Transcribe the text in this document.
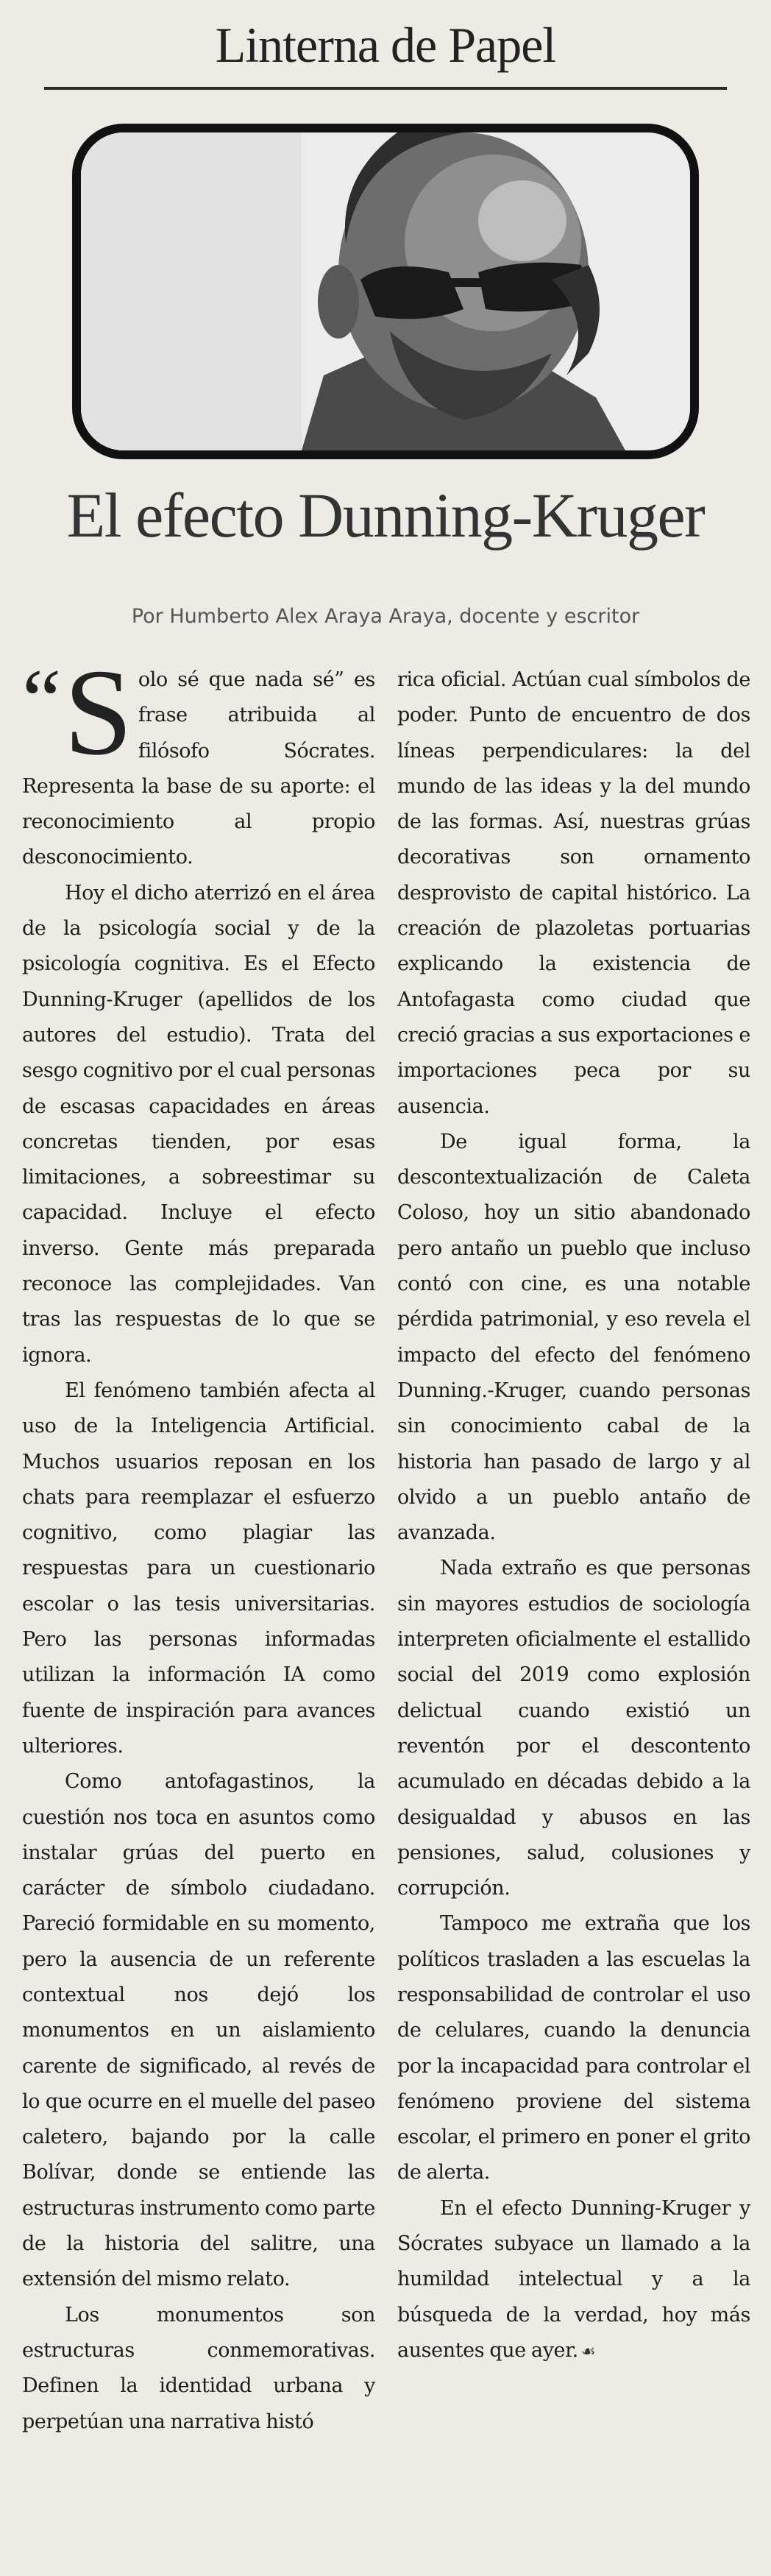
Linterna de Papel
El efecto Dunning-Kruger
Por Humberto Alex Araya Araya, docente y escritor

“ S olo sé que nada sé” es frase atribuida al filósofo Sócrates. Representa la base de su aporte: el reconocimiento al propio desconocimiento.

Hoy el dicho aterrizó en el área de la psicología social y de la psicología cognitiva. Es el Efecto Dunning-Kruger (apellidos de los autores del estudio). Trata del sesgo cognitivo por el cual personas de escasas capacidades en áreas concretas tienden, por esas limitaciones, a sobreestimar su capacidad. Incluye el efecto inverso. Gente más preparada reconoce las complejidades. Van tras las respuestas de lo que se ignora.

El fenómeno también afecta al uso de la Inteligencia Artificial. Muchos usuarios reposan en los chats para reemplazar el esfuerzo cognitivo, como plagiar las respuestas para un cuestionario escolar o las tesis universitarias. Pero las personas informadas utilizan la información IA como fuente de inspiración para avances ulteriores.

Como antofagastinos, la cuestión nos toca en asuntos como instalar grúas del puerto en carácter de símbolo ciudadano. Pareció formidable en su momento, pero la ausencia de un referente contextual nos dejó los monumentos en un aislamiento carente de significado, al revés de lo que ocurre en el muelle del paseo caletero, bajando por la calle Bolívar, donde se entiende las estructuras instrumento como parte de la historia del salitre, una extensión del mismo relato.

Los monumentos son estructuras conmemorativas. Definen la identidad urbana y perpetúan una narrativa histó

rica oficial. Actúan cual símbolos de poder. Punto de encuentro de dos líneas perpendiculares: la del mundo de las ideas y la del mundo de las formas. Así, nuestras grúas decorativas son ornamento desprovisto de capital histórico. La creación de plazoletas portuarias explicando la existencia de Antofagasta como ciudad que creció gracias a sus exportaciones e importaciones peca por su ausencia.

De igual forma, la descontextualización de Caleta Coloso, hoy un sitio abandonado pero antaño un pueblo que incluso contó con cine, es una notable pérdida patrimonial, y eso revela el impacto del efecto del fenómeno Dunning.-Kruger, cuando personas sin conocimiento cabal de la historia han pasado de largo y al olvido a un pueblo antaño de avanzada.

Nada extraño es que personas sin mayores estudios de sociología interpreten oficialmente el estallido social del 2019 como explosión delictual cuando existió un reventón por el descontento acumulado en décadas debido a la desigualdad y abusos en las pensiones, salud, colusiones y corrupción.

Tampoco me extraña que los políticos trasladen a las escuelas la responsabilidad de controlar el uso de celulares, cuando la denuncia por la incapacidad para controlar el fenómeno proviene del sistema escolar, el primero en poner el grito de alerta.

En el efecto Dunning-Kruger y Sócrates subyace un llamado a la humildad intelectual y a la búsqueda de la verdad, hoy más ausentes que ayer. ☙
